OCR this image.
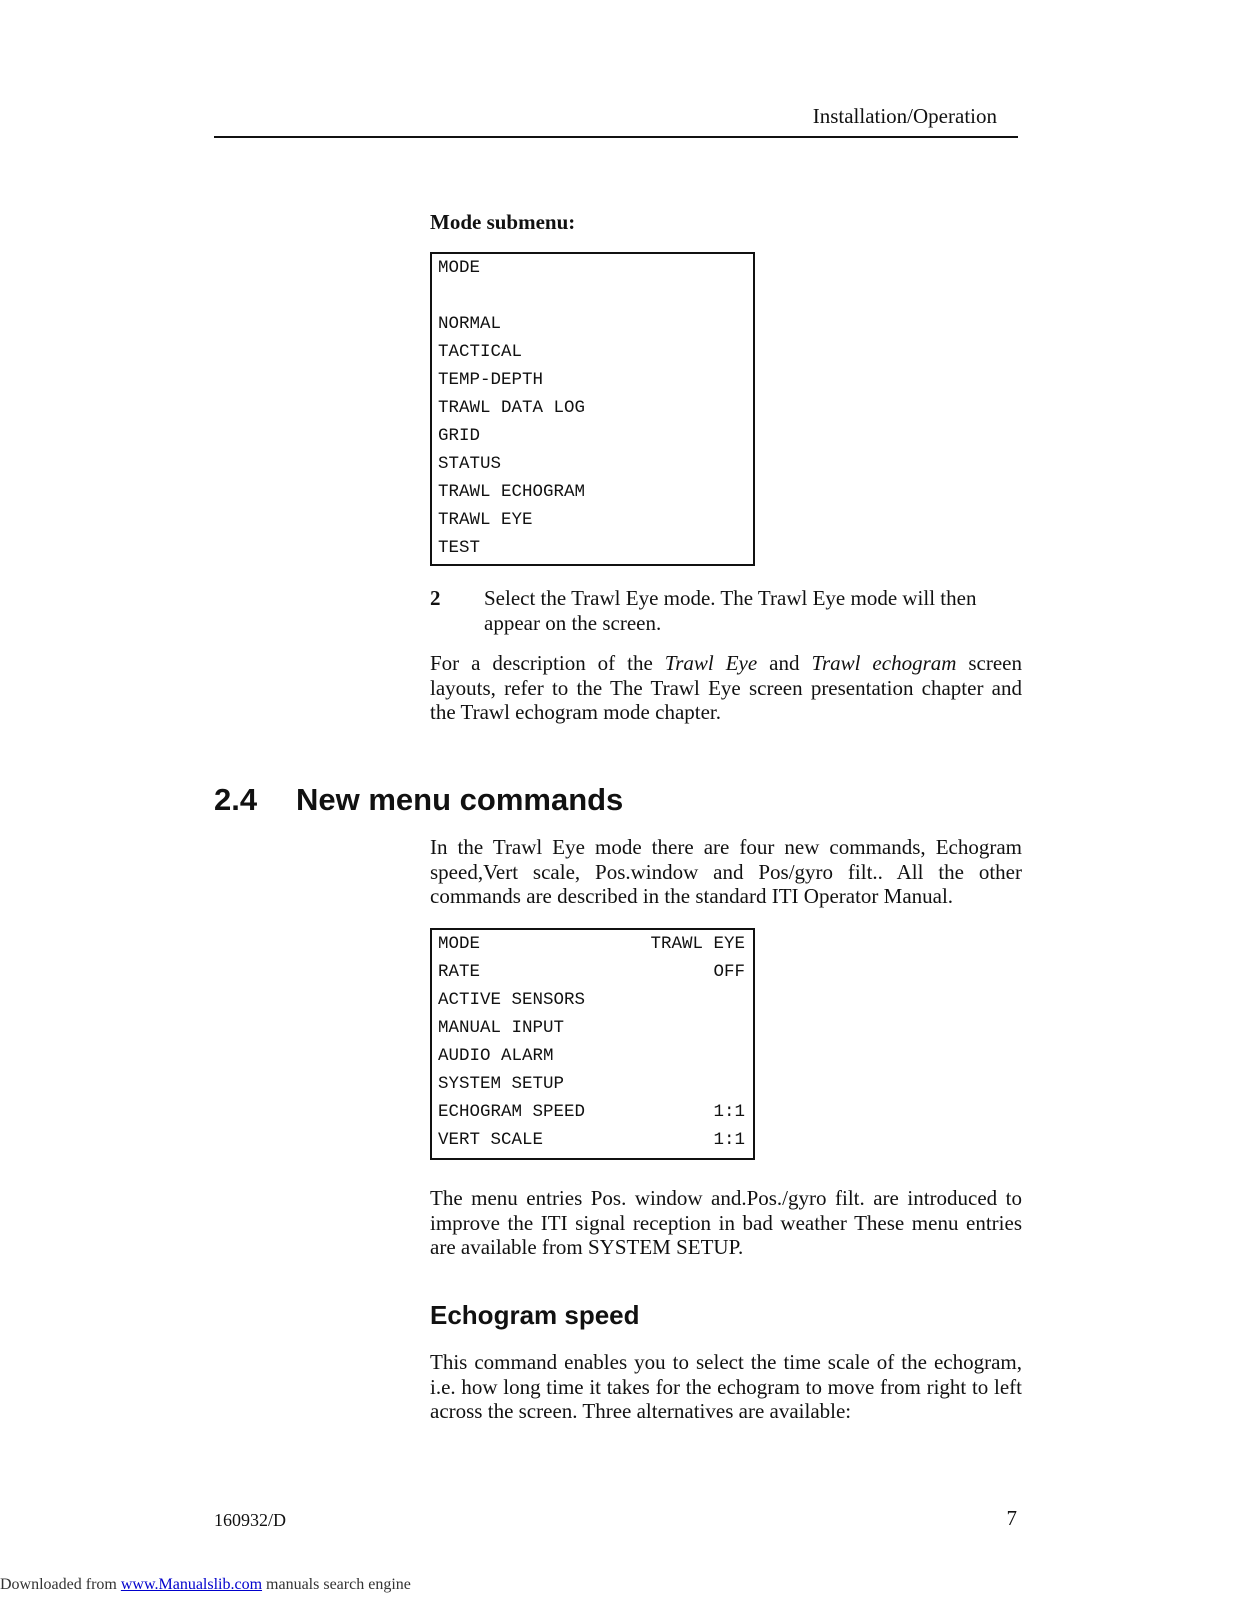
Installation/Operation
Mode submenu:
MODE
NORMAL
TACTICAL
TEMP-DEPTH
TRAWL DATA LOG
GRID
STATUS
TRAWL ECHOGRAM
TRAWL EYE
TEST
2 Select the Trawl Eye mode. The Trawl Eye mode will then appear on the screen.
For a description of the Trawl Eye and Trawl echogram screen layouts, refer to the The Trawl Eye screen presentation chapter and the Trawl echogram mode chapter.
2.4 New menu commands
In the Trawl Eye mode there are four new commands, Echogram speed,Vert scale, Pos.window and Pos/gyro filt.. All the other commands are described in the standard ITI Operator Manual.
MODE	TRAWL EYE
RATE	OFF
ACTIVE SENSORS
MANUAL INPUT
AUDIO ALARM
SYSTEM SETUP
ECHOGRAM SPEED	1:1
VERT SCALE	1:1
The menu entries Pos. window and.Pos./gyro filt. are introduced to improve the ITI signal reception in bad weather These menu entries are available from SYSTEM SETUP.
Echogram speed
This command enables you to select the time scale of the echogram, i.e. how long time it takes for the echogram to move from right to left across the screen. Three alternatives are available:
160932/D	7
Downloaded from www.Manualslib.com manuals search engine
